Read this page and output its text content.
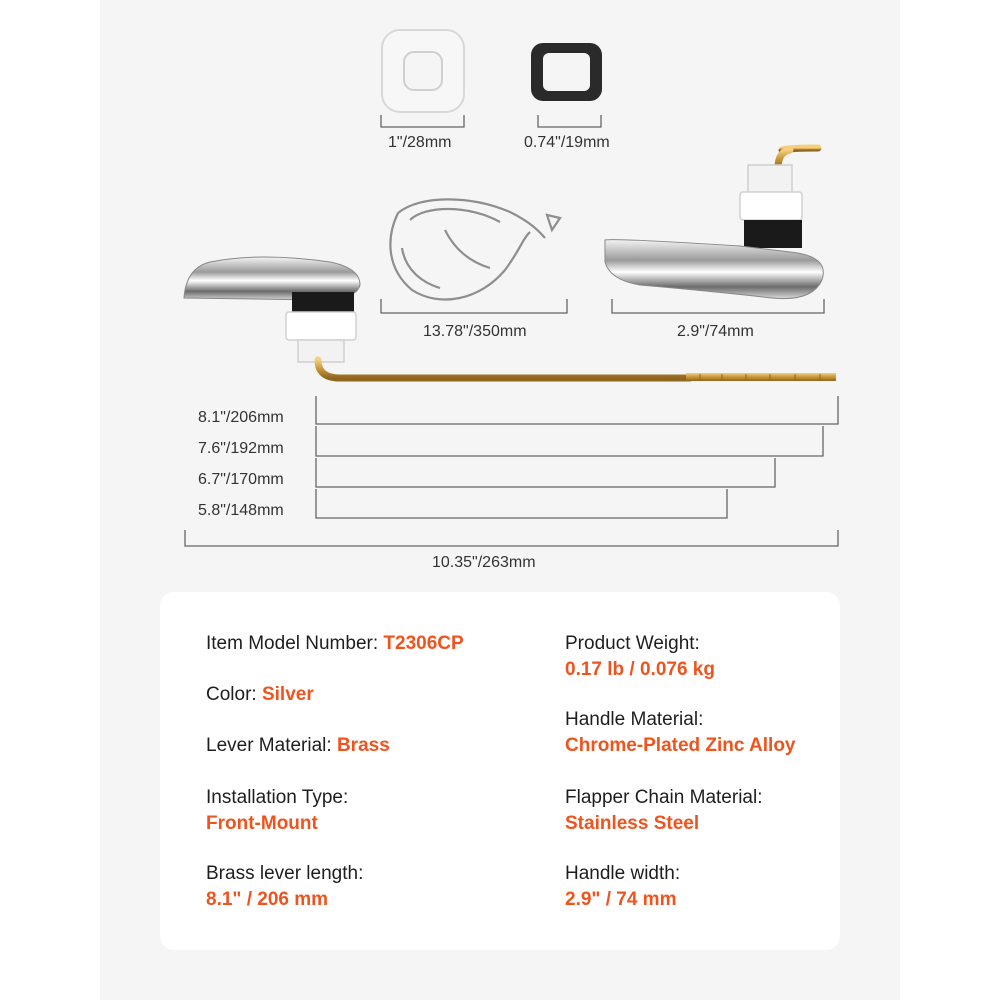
1"/28mm	0.74"/19mm
13.78"/350mm	2.9"/74mm
8.1"/206mm
7.6"/192mm
6.7"/170mm
5.8"/148mm
10.35"/263mm
Item Model Number: T2306CP
Color: Silver
Lever Material: Brass
Installation Type:
Front-Mount
Brass lever length:
8.1" / 206 mm
Product Weight:
0.17 lb / 0.076 kg
Handle Material:
Chrome-Plated Zinc Alloy
Flapper Chain Material:
Stainless Steel
Handle width:
2.9" / 74 mm
